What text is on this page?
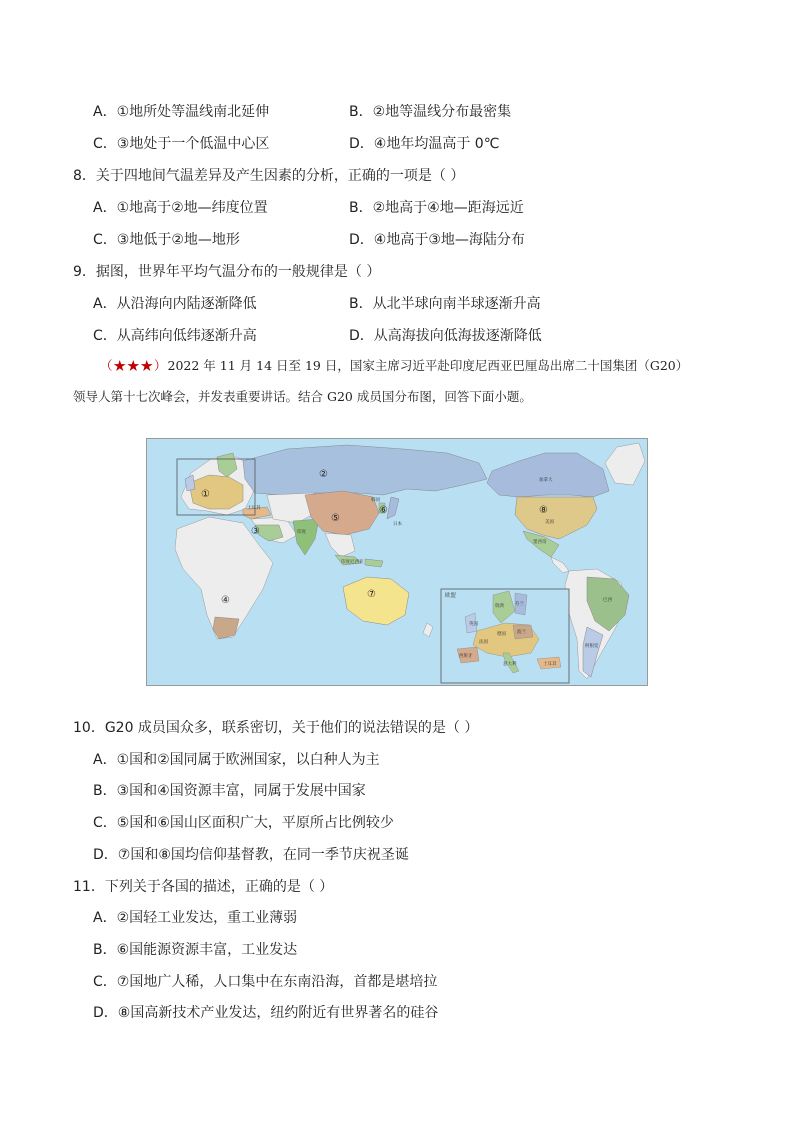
A．①地所处等温线南北延伸	B．②地等温线分布最密集
C．③地处于一个低温中心区	D．④地年均温高于 0℃
8．关于四地间气温差异及产生因素的分析，正确的一项是（ ）
A．①地高于②地—纬度位置	B．②地高于④地—距海远近
C．③地低于②地—地形	D．④地高于③地—海陆分布
9．据图，世界年平均气温分布的一般规律是（ ）
A．从沿海向内陆逐渐降低	B．从北半球向南半球逐渐升高
C．从高纬向低纬逐渐升高	D．从高海拔向低海拔逐渐降低
（★★★）2022 年 11 月 14 日至 19 日，国家主席习近平赴印度尼西亚巴厘岛出席二十国集团（G20）
领导人第十七次峰会，并发表重要讲话。结合 G20 成员国分布图，回答下面小题。
①
②
③
④
⑤
⑥
⑦
⑧
加拿大
美国
墨西哥
巴西
阿根廷
印度
印度尼西亚
日本
韩国
土耳其
欧盟
英国
法国
德国
意大利
西班牙
波兰
瑞典 芬兰
土耳其
10．G20 成员国众多，联系密切，关于他们的说法错误的是（ ）
A．①国和②国同属于欧洲国家，以白种人为主
B．③国和④国资源丰富，同属于发展中国家
C．⑤国和⑥国山区面积广大，平原所占比例较少
D．⑦国和⑧国均信仰基督教，在同一季节庆祝圣诞
11．下列关于各国的描述，正确的是（ ）
A．②国轻工业发达，重工业薄弱
B．⑥国能源资源丰富，工业发达
C．⑦国地广人稀，人口集中在东南沿海，首都是堪培拉
D．⑧国高新技术产业发达，纽约附近有世界著名的硅谷
